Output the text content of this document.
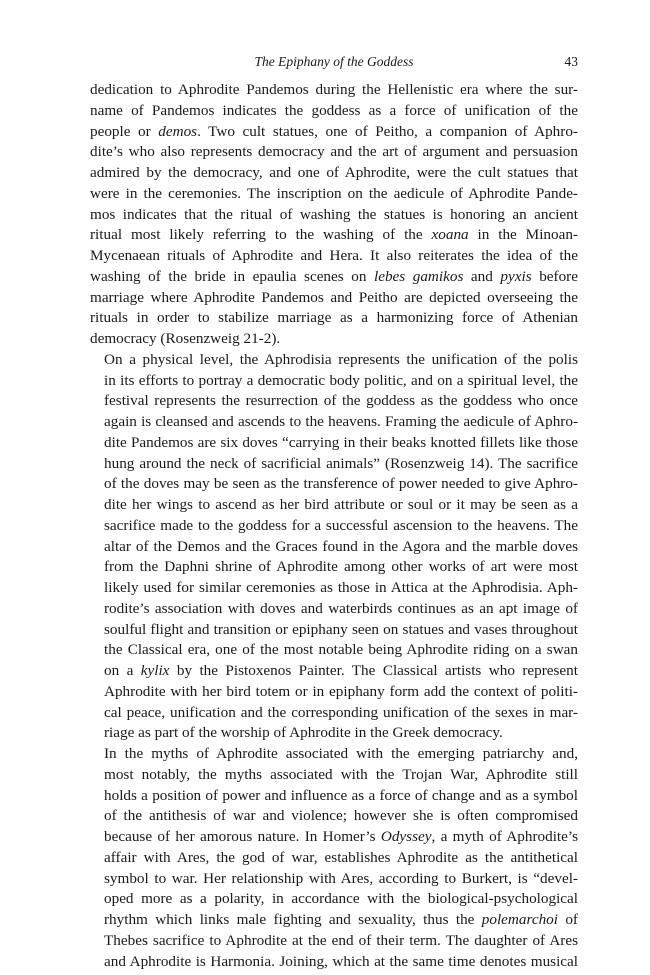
The Epiphany of the Goddess	43

dedication to Aphrodite Pandemos during the Hellenistic era where the sur-
name of Pandemos indicates the goddess as a force of unification of the
people or demos. Two cult statues, one of Peitho, a companion of Aphro-
dite’s who also represents democracy and the art of argument and persuasion
admired by the democracy, and one of Aphrodite, were the cult statues that
were in the ceremonies. The inscription on the aedicule of Aphrodite Pande-
mos indicates that the ritual of washing the statues is honoring an ancient
ritual most likely referring to the washing of the xoana in the Minoan-
Mycenaean rituals of Aphrodite and Hera. It also reiterates the idea of the
washing of the bride in epaulia scenes on lebes gamikos and pyxis before
marriage where Aphrodite Pandemos and Peitho are depicted overseeing the
rituals in order to stabilize marriage as a harmonizing force of Athenian
democracy (Rosenzweig 21-2).

On a physical level, the Aphrodisia represents the unification of the polis
in its efforts to portray a democratic body politic, and on a spiritual level, the
festival represents the resurrection of the goddess as the goddess who once
again is cleansed and ascends to the heavens. Framing the aedicule of Aphro-
dite Pandemos are six doves “carrying in their beaks knotted fillets like those
hung around the neck of sacrificial animals” (Rosenzweig 14). The sacrifice
of the doves may be seen as the transference of power needed to give Aphro-
dite her wings to ascend as her bird attribute or soul or it may be seen as a
sacrifice made to the goddess for a successful ascension to the heavens. The
altar of the Demos and the Graces found in the Agora and the marble doves
from the Daphni shrine of Aphrodite among other works of art were most
likely used for similar ceremonies as those in Attica at the Aphrodisia. Aph-
rodite’s association with doves and waterbirds continues as an apt image of
soulful flight and transition or epiphany seen on statues and vases throughout
the Classical era, one of the most notable being Aphrodite riding on a swan
on a kylix by the Pistoxenos Painter. The Classical artists who represent
Aphrodite with her bird totem or in epiphany form add the context of politi-
cal peace, unification and the corresponding unification of the sexes in mar-
riage as part of the worship of Aphrodite in the Greek democracy.

In the myths of Aphrodite associated with the emerging patriarchy and,
most notably, the myths associated with the Trojan War, Aphrodite still
holds a position of power and influence as a force of change and as a symbol
of the antithesis of war and violence; however she is often compromised
because of her amorous nature. In Homer’s Odyssey, a myth of Aphrodite’s
affair with Ares, the god of war, establishes Aphrodite as the antithetical
symbol to war. Her relationship with Ares, according to Burkert, is “devel-
oped more as a polarity, in accordance with the biological-psychological
rhythm which links male fighting and sexuality, thus the polemarchoi of
Thebes sacrifice to Aphrodite at the end of their term. The daughter of Ares
and Aphrodite is Harmonia. Joining, which at the same time denotes musical
